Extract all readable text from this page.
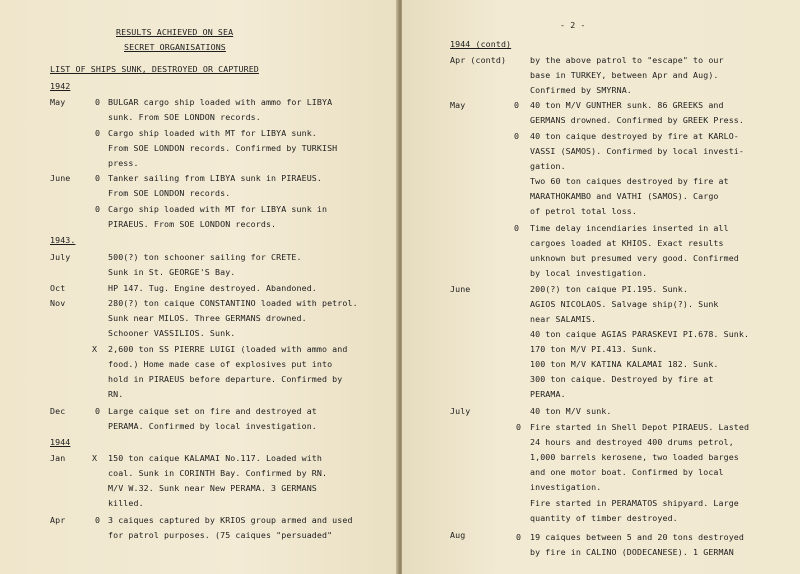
RESULTS ACHIEVED ON SEA
SECRET ORGANISATIONS
LIST OF SHIPS SUNK, DESTROYED OR CAPTURED
1942
May	0 BULGAR cargo ship loaded with ammo for LIBYA
sunk. From SOE LONDON records.
0 Cargo ship loaded with MT for LIBYA sunk.
From SOE LONDON records. Confirmed by TURKISH
press.
June	0 Tanker sailing from LIBYA sunk in PIRAEUS.
From SOE LONDON records.
0 Cargo ship loaded with MT for LIBYA sunk in
PIRAEUS. From SOE LONDON records.
1943.
July	500(?) ton schooner sailing for CRETE.
Sunk in St. GEORGE'S Bay.
Oct	HP 147. Tug. Engine destroyed. Abandoned.
Nov	280(?) ton caique CONSTANTINO loaded with petrol.
Sunk near MILOS. Three GERMANS drowned.
Schooner VASSILIOS. Sunk.
X 2,600 ton SS PIERRE LUIGI (loaded with ammo and
food.) Home made case of explosives put into
hold in PIRAEUS before departure. Confirmed by
RN.
Dec	0 Large caique set on fire and destroyed at
PERAMA. Confirmed by local investigation.
1944
Jan	X 150 ton caique KALAMAI No.117. Loaded with
coal. Sunk in CORINTH Bay. Confirmed by RN.
M/V W.32. Sunk near New PERAMA. 3 GERMANS
killed.
Apr	0 3 caiques captured by KRIOS group armed and used
for patrol purposes. (75 caiques "persuaded"
- 2 -
1944 (contd)
Apr (contd)	by the above patrol to "escape" to our
base in TURKEY, between Apr and Aug).
Confirmed by SMYRNA.
May	0 40 ton M/V GUNTHER sunk. 86 GREEKS and
GERMANS drowned. Confirmed by GREEK Press.
0 40 ton caique destroyed by fire at KARLO-
VASSI (SAMOS). Confirmed by local investi-
gation.
Two 60 ton caiques destroyed by fire at
MARATHOKAMBO and VATHI (SAMOS). Cargo
of petrol total loss.
0 Time delay incendiaries inserted in all
cargoes loaded at KHIOS. Exact results
unknown but presumed very good. Confirmed
by local investigation.
June	200(?) ton caique PI.195. Sunk.
AGIOS NICOLAOS. Salvage ship(?). Sunk
near SALAMIS.
40 ton caique AGIAS PARASKEVI PI.678. Sunk.
170 ton M/V PI.413. Sunk.
100 ton M/V KATINA KALAMAI 182. Sunk.
300 ton caique. Destroyed by fire at
PERAMA.
July	40 ton M/V sunk.
0 Fire started in Shell Depot PIRAEUS. Lasted
24 hours and destroyed 400 drums petrol,
1,000 barrels kerosene, two loaded barges
and one motor boat. Confirmed by local
investigation.
Fire started in PERAMATOS shipyard. Large
quantity of timber destroyed.
Aug	0 19 caiques between 5 and 20 tons destroyed
by fire in CALINO (DODECANESE). 1 GERMAN
